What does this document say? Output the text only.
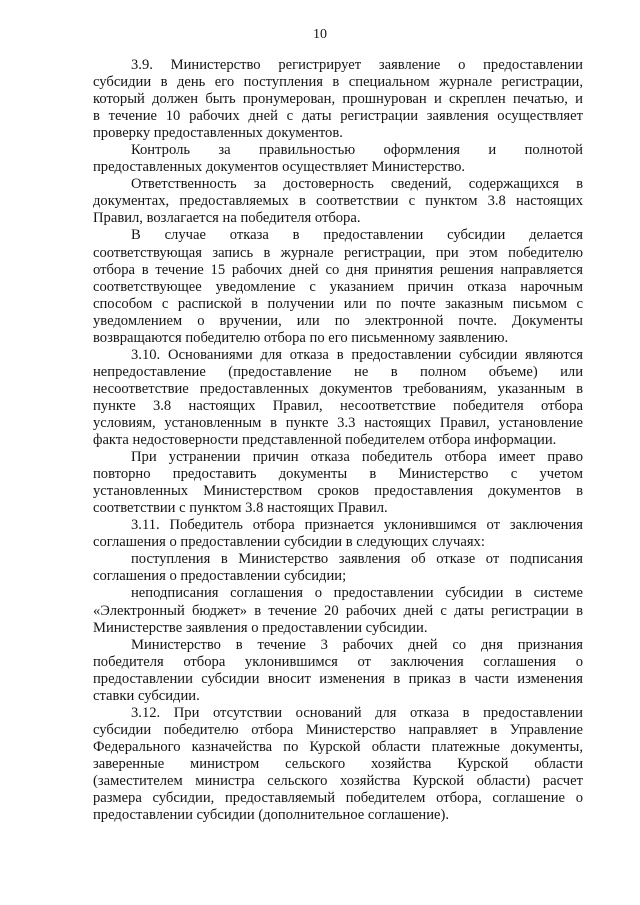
10
3.9. Министерство регистрирует заявление о предоставлении
субсидии в день его поступления в специальном журнале регистрации,
который должен быть пронумерован, прошнурован и скреплен печатью, и
в течение 10 рабочих дней с даты регистрации заявления осуществляет
проверку предоставленных документов.
Контроль за правильностью оформления и полнотой
предоставленных документов осуществляет Министерство.
Ответственность за достоверность сведений, содержащихся в
документах, предоставляемых в соответствии с пунктом 3.8 настоящих
Правил, возлагается на победителя отбора.
В случае отказа в предоставлении субсидии делается
соответствующая запись в журнале регистрации, при этом победителю
отбора в течение 15 рабочих дней со дня принятия решения направляется
соответствующее уведомление с указанием причин отказа нарочным
способом с распиской в получении или по почте заказным письмом с
уведомлением о вручении, или по электронной почте. Документы
возвращаются победителю отбора по его письменному заявлению.
3.10. Основаниями для отказа в предоставлении субсидии являются
непредоставление (предоставление не в полном объеме) или
несоответствие предоставленных документов требованиям, указанным в
пункте 3.8 настоящих Правил, несоответствие победителя отбора
условиям, установленным в пункте 3.3 настоящих Правил, установление
факта недостоверности представленной победителем отбора информации.
При устранении причин отказа победитель отбора имеет право
повторно предоставить документы в Министерство с учетом
установленных Министерством сроков предоставления документов в
соответствии с пунктом 3.8 настоящих Правил.
3.11. Победитель отбора признается уклонившимся от заключения
соглашения о предоставлении субсидии в следующих случаях:
поступления в Министерство заявления об отказе от подписания
соглашения о предоставлении субсидии;
неподписания соглашения о предоставлении субсидии в системе
«Электронный бюджет» в течение 20 рабочих дней с даты регистрации в
Министерстве заявления о предоставлении субсидии.
Министерство в течение 3 рабочих дней со дня признания
победителя отбора уклонившимся от заключения соглашения о
предоставлении субсидии вносит изменения в приказ в части изменения
ставки субсидии.
3.12. При отсутствии оснований для отказа в предоставлении
субсидии победителю отбора Министерство направляет в Управление
Федерального казначейства по Курской области платежные документы,
заверенные министром сельского хозяйства Курской области
(заместителем министра сельского хозяйства Курской области) расчет
размера субсидии, предоставляемый победителем отбора, соглашение о
предоставлении субсидии (дополнительное соглашение).
